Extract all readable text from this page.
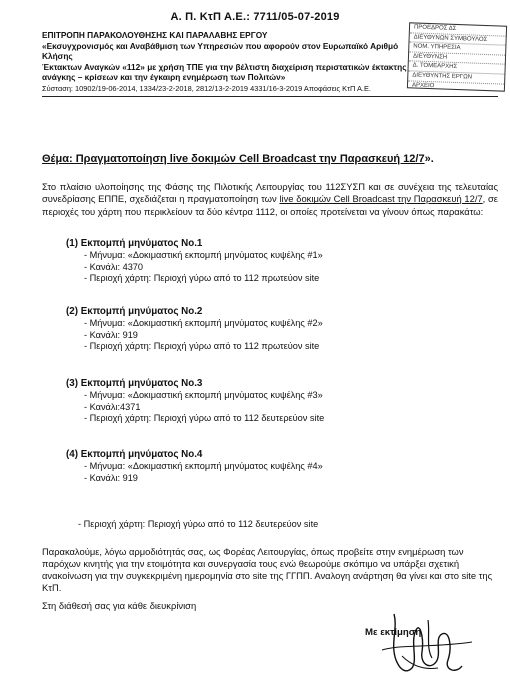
Α. Π. ΚτΠ Α.Ε.: 7711/05-07-2019
ΠΡΟΕΔΡΟΣ ΔΣ
ΔΙΕΥΘΥΝΩΝ ΣΥΜΒΟΥΛΟΣ
ΝΟΜ. ΥΠΗΡΕΣΙΑ
ΔΙΕΥΘΥΝΣΗ
Δ. ΤΟΜΕΑΡΧΗΣ
ΔΙΕΥΘΥΝΤΗΣ ΕΡΓΩΝ
ΑΡΧΕΙΟ
ΕΠΙΤΡΟΠΗ ΠΑΡΑΚΟΛΟΥΘΗΣΗΣ ΚΑΙ ΠΑΡΑΛΑΒΗΣ ΕΡΓΟΥ
«Εκσυγχρονισμός και Αναβάθμιση των Υπηρεσιών που αφορούν στον Ευρωπαϊκό Αριθμό Κλήσης
Έκτακτων Αναγκών «112» με χρήση ΤΠΕ για την βέλτιστη διαχείριση περιστατικών έκτακτης
ανάγκης – κρίσεων και την έγκαιρη ενημέρωση των Πολιτών»
Σύσταση: 10902/19-06-2014, 1334/23-2-2018, 2812/13-2-2019 4331/16-3-2019 Αποφάσεις ΚτΠ Α.Ε.
Θέμα: Πραγματοποίηση live δοκιμών Cell Broadcast την Παρασκευή 12/7».
Στο πλαίσιο υλοποίησης της Φάσης της Πιλοτικής Λειτουργίας του 112ΣΥΣΠ και σε συνέχεια της τελευταίας συνεδρίασης ΕΠΠΕ, σχεδιάζεται η πραγματοποίηση των live δοκιμών Cell Broadcast την Παρασκευή 12/7, σε περιοχές του χάρτη που περικλείουν τα δύο κέντρα 1112, οι οποίες προτείνεται να γίνουν όπως παρακάτω:
(1) Εκπομπή μηνύματος Νο.1
- Μήνυμα: «Δοκιμαστική εκπομπή μηνύματος κυψέλης #1»
- Κανάλι: 4370
- Περιοχή χάρτη: Περιοχή γύρω από το 112 πρωτεύον site
(2) Εκπομπή μηνύματος Νο.2
- Μήνυμα: «Δοκιμαστική εκπομπή μηνύματος κυψέλης #2»
- Κανάλι: 919
- Περιοχή χάρτη: Περιοχή γύρω από το 112 πρωτεύον site
(3) Εκπομπή μηνύματος Νο.3
- Μήνυμα: «Δοκιμαστική εκπομπή μηνύματος κυψέλης #3»
- Κανάλι:4371
- Περιοχή χάρτη: Περιοχή γύρω από το 112 δευτερεύον site
(4) Εκπομπή μηνύματος Νο.4
- Μήνυμα: «Δοκιμαστική εκπομπή μηνύματος κυψέλης #4»
- Κανάλι: 919
- Περιοχή χάρτη: Περιοχή γύρω από το 112 δευτερεύον site
Παρακαλούμε, λόγω αρμοδιότητάς σας, ως Φορέας Λειτουργίας, όπως προβείτε στην ενημέρωση των παρόχων κινητής για την ετοιμότητα και συνεργασία τους ενώ θεωρούμε σκόπιμο να υπάρξει σχετική ανακοίνωση για την συγκεκριμένη ημερομηνία στο site της ΓΓΠΠ. Αναλογη ανάρτηση θα γίνει και στο site της ΚτΠ.
Στη διάθεσή σας για κάθε διευκρίνιση
Με εκτίμηση
